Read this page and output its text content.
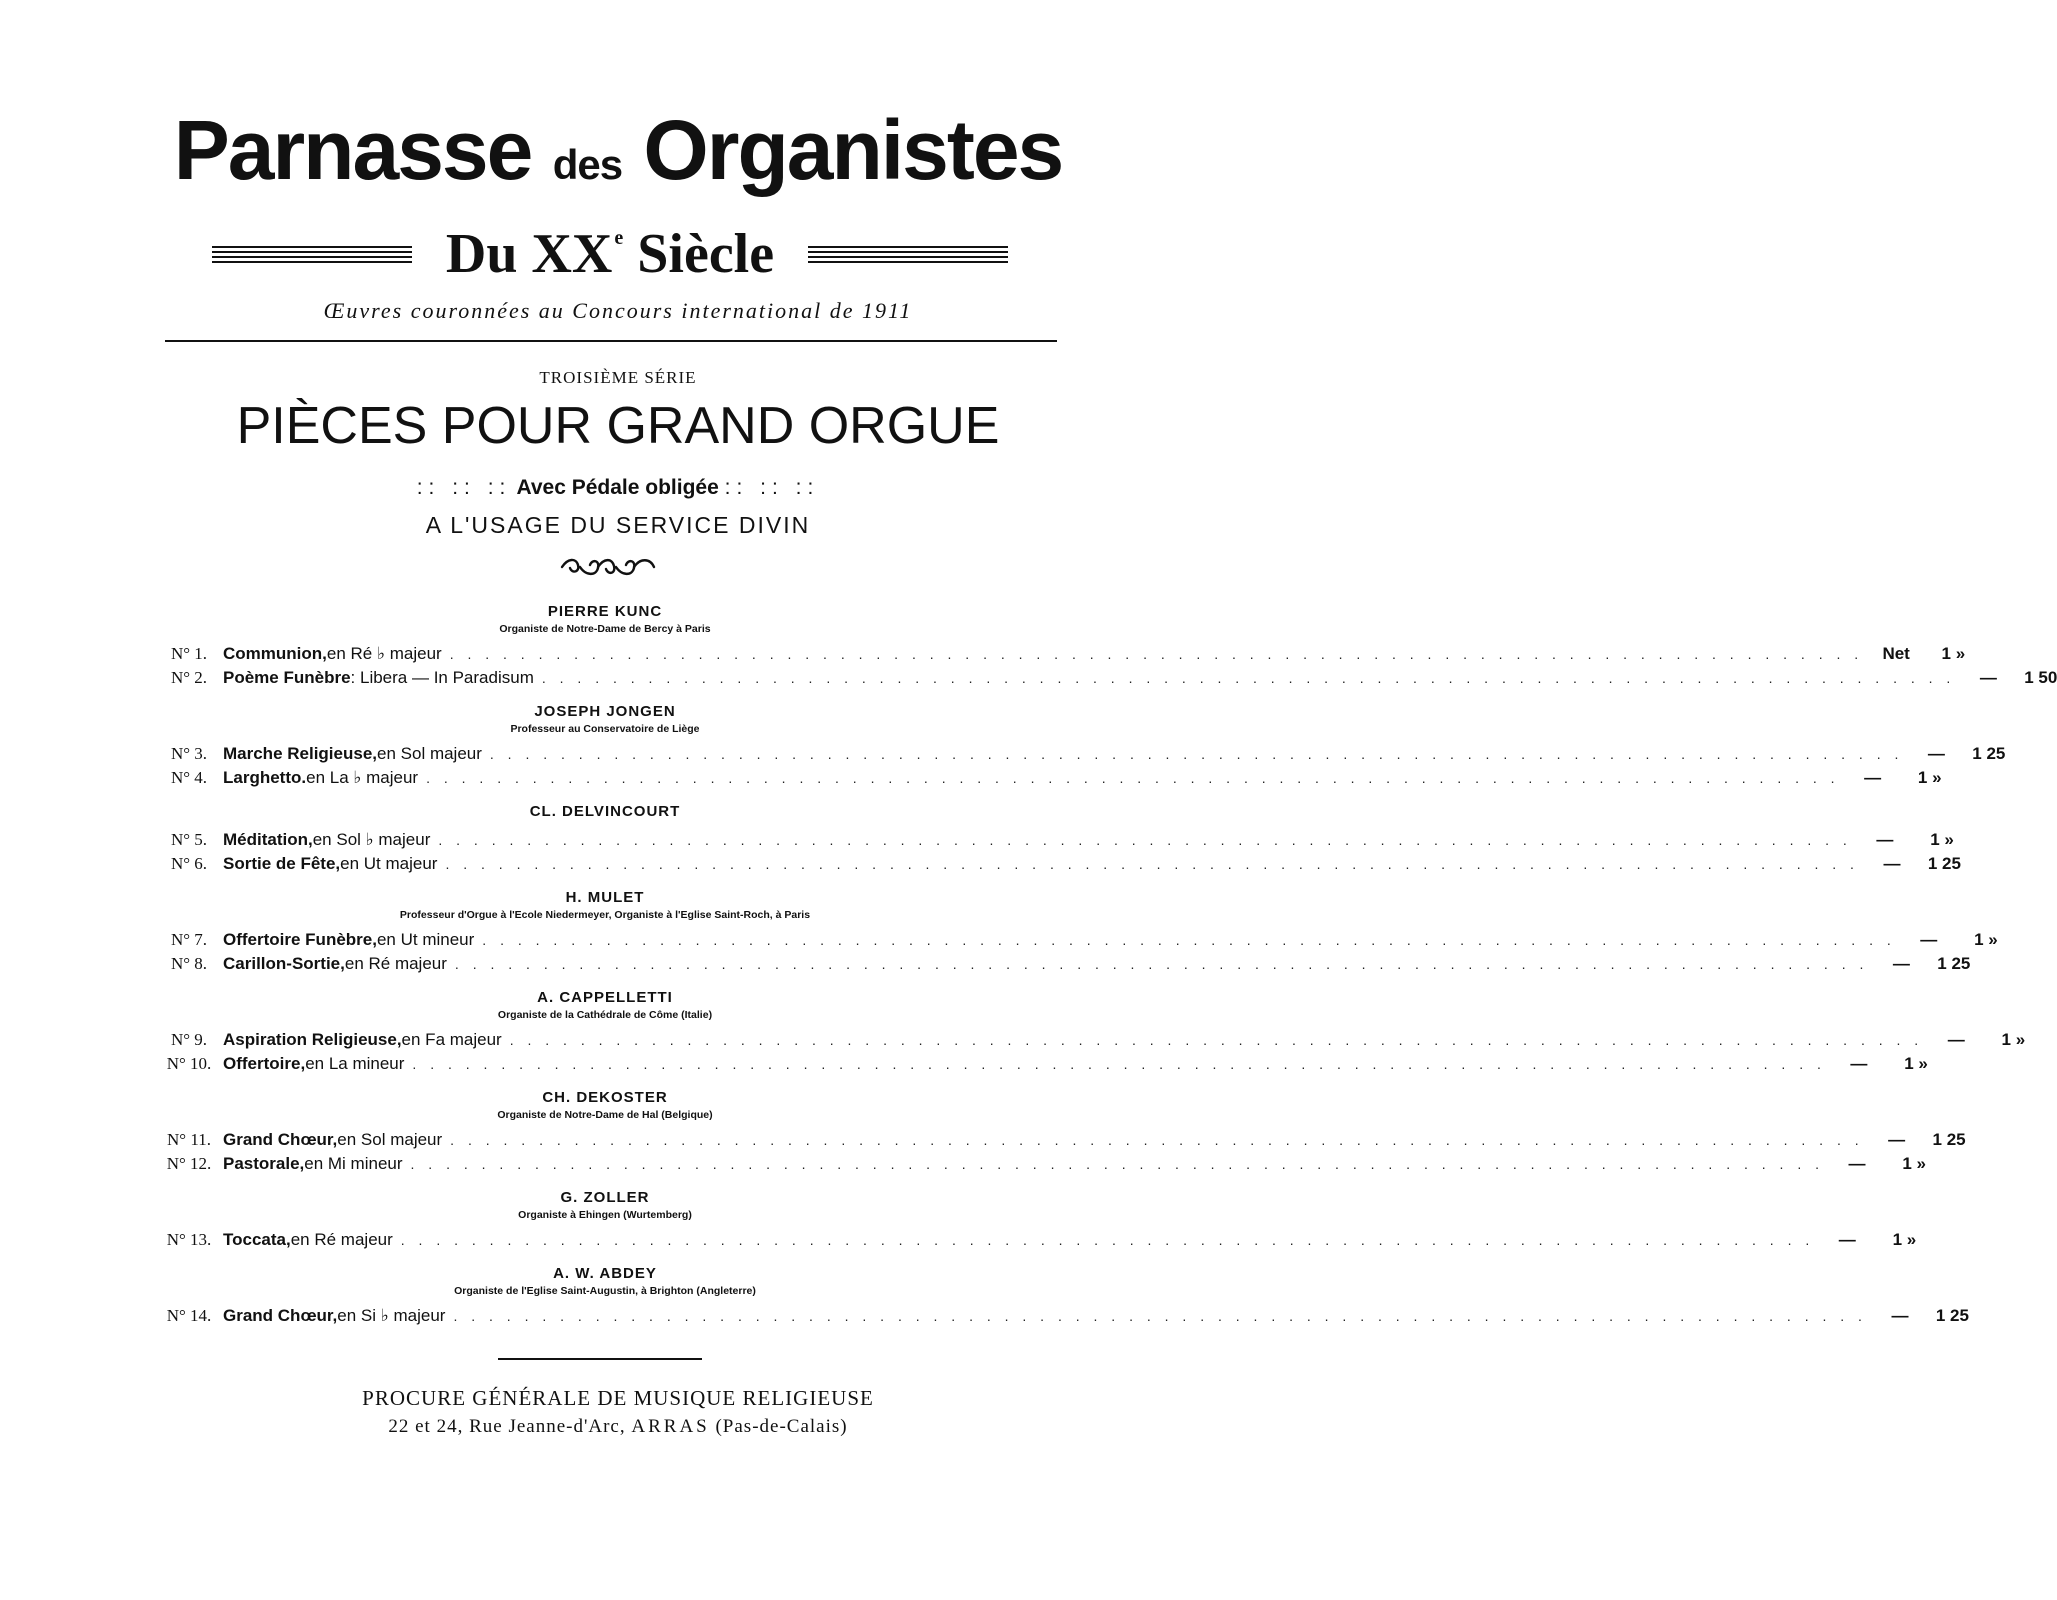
Parnasse des Organistes
Du XX $^e$ Siècle
Œuvres couronnées au Concours international de 1911
TROISIÈME SÉRIE
PIÈCES POUR GRAND ORGUE
:: :: :: Avec Pédale obligée :: :: ::
A L'USAGE DU SERVICE DIVIN
PIERRE KUNC
Organiste de Notre-Dame de Bercy à Paris
N° 1. Communion, en Ré ♭ majeur . . . . . . . . . . . . . . . . . . . . . . . . . . . . . . . . . . . . . . . . . . . . . . . . . . . . . . . . . . . . . . . . . . . . . . . . . . . . . . . .	Net	1 »
N° 2. Poème Funèbre : Libera — In Paradisum . . . . . . . . . . . . . . . . . . . . . . . . . . . . . . . . . . . . . . . . . . . . . . . . . . . . . . . . . . . . . . . . . . . . . . . . . . . . . . . .	—	1 50
JOSEPH JONGEN
Professeur au Conservatoire de Liège
N° 3. Marche Religieuse, en Sol majeur . . . . . . . . . . . . . . . . . . . . . . . . . . . . . . . . . . . . . . . . . . . . . . . . . . . . . . . . . . . . . . . . . . . . . . . . . . . . . . . .	—	1 25
N° 4. Larghetto. en La ♭ majeur . . . . . . . . . . . . . . . . . . . . . . . . . . . . . . . . . . . . . . . . . . . . . . . . . . . . . . . . . . . . . . . . . . . . . . . . . . . . . . . .	—	1 »
CL. DELVINCOURT
N° 5. Méditation, en Sol ♭ majeur . . . . . . . . . . . . . . . . . . . . . . . . . . . . . . . . . . . . . . . . . . . . . . . . . . . . . . . . . . . . . . . . . . . . . . . . . . . . . . . .	—	1 »
N° 6. Sortie de Fête, en Ut majeur . . . . . . . . . . . . . . . . . . . . . . . . . . . . . . . . . . . . . . . . . . . . . . . . . . . . . . . . . . . . . . . . . . . . . . . . . . . . . . . .	—	1 25
H. MULET
Professeur d'Orgue à l'Ecole Niedermeyer, Organiste à l'Eglise Saint-Roch, à Paris
N° 7. Offertoire Funèbre, en Ut mineur . . . . . . . . . . . . . . . . . . . . . . . . . . . . . . . . . . . . . . . . . . . . . . . . . . . . . . . . . . . . . . . . . . . . . . . . . . . . . . . .	—	1 »
N° 8. Carillon-Sortie, en Ré majeur . . . . . . . . . . . . . . . . . . . . . . . . . . . . . . . . . . . . . . . . . . . . . . . . . . . . . . . . . . . . . . . . . . . . . . . . . . . . . . . .	—	1 25
A. CAPPELLETTI
Organiste de la Cathédrale de Côme (Italie)
N° 9. Aspiration Religieuse, en Fa majeur . . . . . . . . . . . . . . . . . . . . . . . . . . . . . . . . . . . . . . . . . . . . . . . . . . . . . . . . . . . . . . . . . . . . . . . . . . . . . . . .	—	1 »
N° 10. Offertoire, en La mineur . . . . . . . . . . . . . . . . . . . . . . . . . . . . . . . . . . . . . . . . . . . . . . . . . . . . . . . . . . . . . . . . . . . . . . . . . . . . . . . .	—	1 »
CH. DEKOSTER
Organiste de Notre-Dame de Hal (Belgique)
N° 11. Grand Chœur, en Sol majeur . . . . . . . . . . . . . . . . . . . . . . . . . . . . . . . . . . . . . . . . . . . . . . . . . . . . . . . . . . . . . . . . . . . . . . . . . . . . . . . .	—	1 25
N° 12. Pastorale, en Mi mineur . . . . . . . . . . . . . . . . . . . . . . . . . . . . . . . . . . . . . . . . . . . . . . . . . . . . . . . . . . . . . . . . . . . . . . . . . . . . . . . .	—	1 »
G. ZOLLER
Organiste à Ehingen (Wurtemberg)
N° 13. Toccata, en Ré majeur . . . . . . . . . . . . . . . . . . . . . . . . . . . . . . . . . . . . . . . . . . . . . . . . . . . . . . . . . . . . . . . . . . . . . . . . . . . . . . . .	—	1 »
A. W. ABDEY
Organiste de l'Eglise Saint-Augustin, à Brighton (Angleterre)
N° 14. Grand Chœur, en Si ♭ majeur . . . . . . . . . . . . . . . . . . . . . . . . . . . . . . . . . . . . . . . . . . . . . . . . . . . . . . . . . . . . . . . . . . . . . . . . . . . . . . . .	—	1 25
PROCURE GÉNÉRALE DE MUSIQUE RELIGIEUSE
22 et 24, Rue Jeanne-d'Arc, ARRAS (Pas-de-Calais)
